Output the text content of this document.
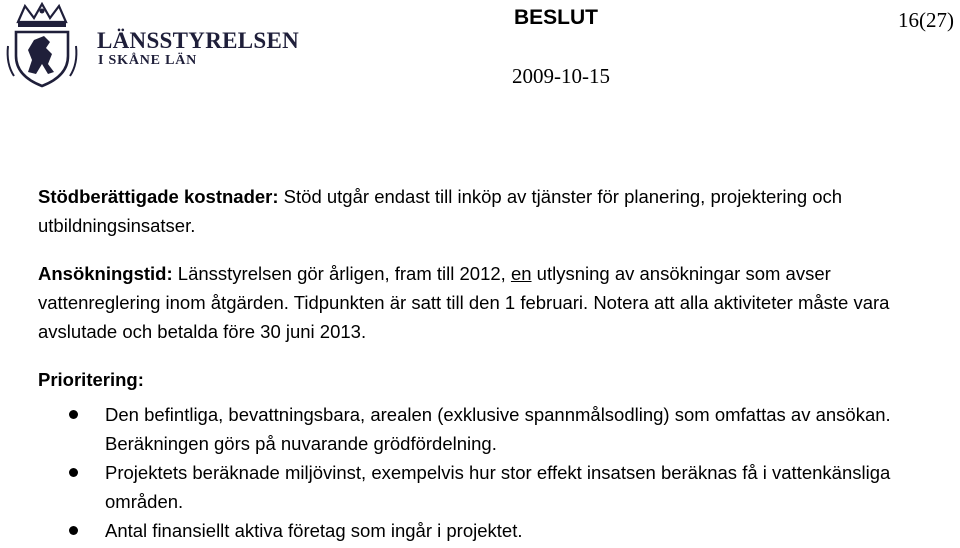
LÄNSSTYRELSEN
I SKÅNE LÄN
BESLUT	16(27)
2009-10-15

Stödberättigade kostnader: Stöd utgår endast till inköp av tjänster för planering, projektering och utbildningsinsatser.

Ansökningstid: Länsstyrelsen gör årligen, fram till 2012, en utlysning av ansökningar som avser vattenreglering inom åtgärden. Tidpunkten är satt till den 1 februari. Notera att alla aktiviteter måste vara avslutade och betalda före 30 juni 2013.

Prioritering:

Den befintliga, bevattningsbara, arealen (exklusive spannmålsodling) som omfattas av ansökan. Beräkningen görs på nuvarande grödfördelning.
Projektets beräknade miljövinst, exempelvis hur stor effekt insatsen beräknas få i vattenkänsliga områden.
Antal finansiellt aktiva företag som ingår i projektet.
